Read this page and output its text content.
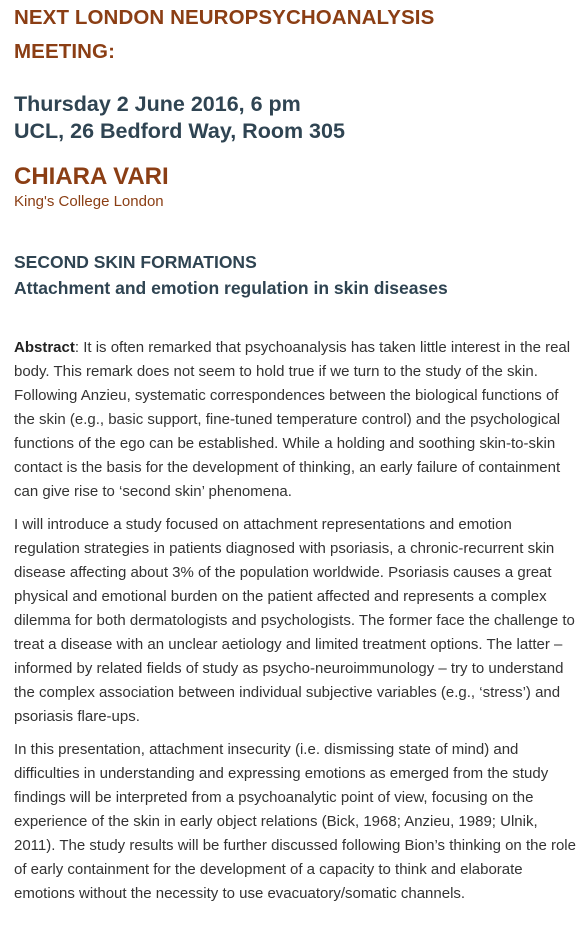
NEXT LONDON NEUROPSYCHOANALYSIS
MEETING:
Thursday 2 June 2016, 6 pm
UCL, 26 Bedford Way, Room 305
CHIARA VARI

King's College London

SECOND SKIN FORMATIONS
Attachment and emotion regulation in skin diseases

Abstract: It is often remarked that psychoanalysis has taken little interest in the real body. This remark does not seem to hold true if we turn to the study of the skin. Following Anzieu, systematic correspondences between the biological functions of the skin (e.g., basic support, fine-tuned temperature control) and the psychological functions of the ego can be established. While a holding and soothing skin-to-skin contact is the basis for the development of thinking, an early failure of containment can give rise to ‘second skin’ phenomena.

I will introduce a study focused on attachment representations and emotion regulation strategies in patients diagnosed with psoriasis, a chronic-recurrent skin disease affecting about 3% of the population worldwide. Psoriasis causes a great physical and emotional burden on the patient affected and represents a complex dilemma for both dermatologists and psychologists. The former face the challenge to treat a disease with an unclear aetiology and limited treatment options. The latter – informed by related fields of study as psycho-neuroimmunology – try to understand the complex association between individual subjective variables (e.g., ‘stress’) and psoriasis flare-ups.

In this presentation, attachment insecurity (i.e. dismissing state of mind) and difficulties in understanding and expressing emotions as emerged from the study findings will be interpreted from a psychoanalytic point of view, focusing on the experience of the skin in early object relations (Bick, 1968; Anzieu, 1989; Ulnik, 2011). The study results will be further discussed following Bion’s thinking on the role of early containment for the development of a capacity to think and elaborate emotions without the necessity to use evacuatory/somatic channels.
